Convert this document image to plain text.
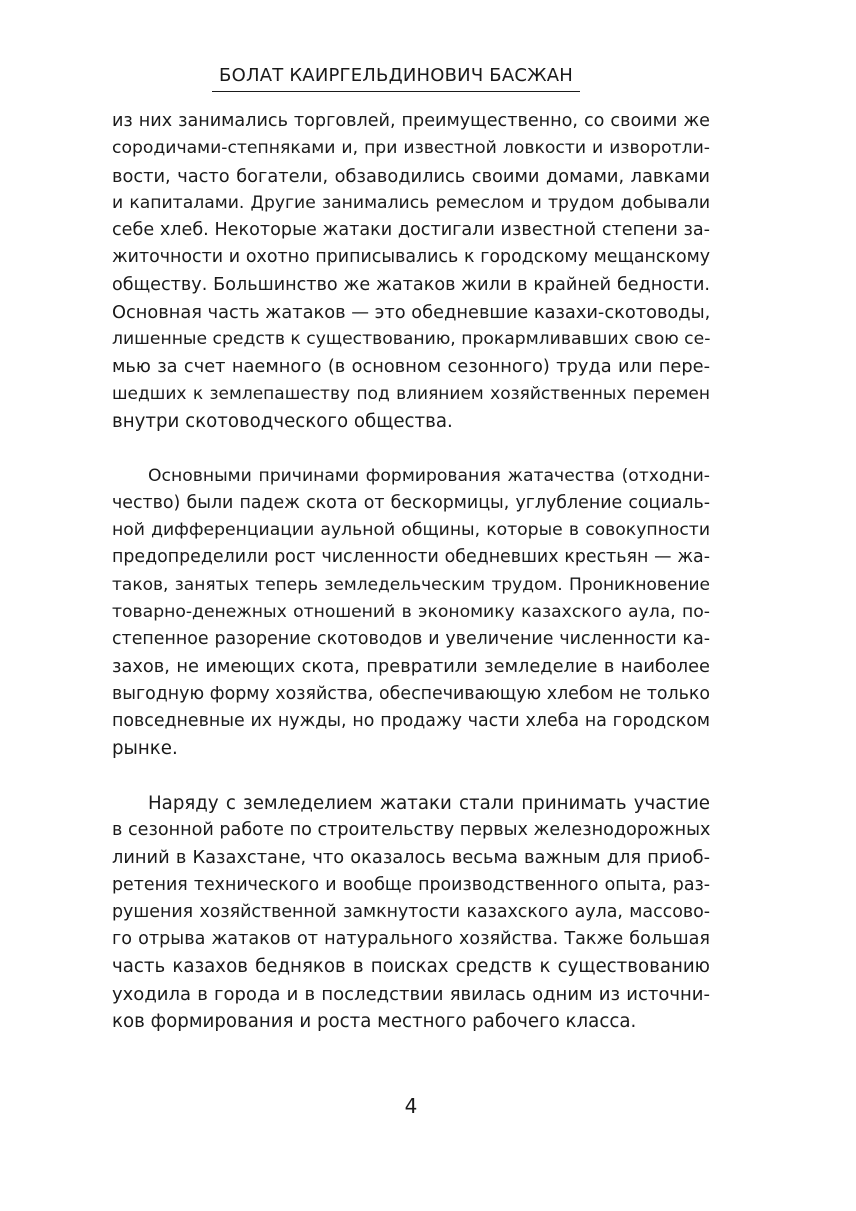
БОЛАТ КАИРГЕЛЬДИНОВИЧ БАСЖАН

из них занимались торговлей, преимущественно, со своими же
сородичами-степняками и, при известной ловкости и изворотли-
вости, часто богатели, обзаводились своими домами, лавками
и капиталами. Другие занимались ремеслом и трудом добывали
себе хлеб. Некоторые жатаки достигали известной степени за-
житочности и охотно приписывались к городскому мещанскому
обществу. Большинство же жатаков жили в крайней бедности.
Основная часть жатаков — это обедневшие казахи-скотоводы,
лишенные средств к существованию, прокармливавших свою се-
мью за счет наемного (в основном сезонного) труда или пере-
шедших к землепашеству под влиянием хозяйственных перемен
внутри скотоводческого общества.

Основными причинами формирования жатачества (отходни-
чество) были падеж скота от бескормицы, углубление социаль-
ной дифференциации аульной общины, которые в совокупности
предопределили рост численности обедневших крестьян — жа-
таков, занятых теперь земледельческим трудом. Проникновение
товарно-денежных отношений в экономику казахского аула, по-
степенное разорение скотоводов и увеличение численности ка-
захов, не имеющих скота, превратили земледелие в наиболее
выгодную форму хозяйства, обеспечивающую хлебом не только
повседневные их нужды, но продажу части хлеба на городском
рынке.

Наряду с земледелием жатаки стали принимать участие
в сезонной работе по строительству первых железнодорожных
линий в Казахстане, что оказалось весьма важным для приоб-
ретения технического и вообще производственного опыта, раз-
рушения хозяйственной замкнутости казахского аула, массово-
го отрыва жатаков от натурального хозяйства. Также большая
часть казахов бедняков в поисках средств к существованию
уходила в города и в последствии явилась одним из источни-
ков формирования и роста местного рабочего класса.

4
